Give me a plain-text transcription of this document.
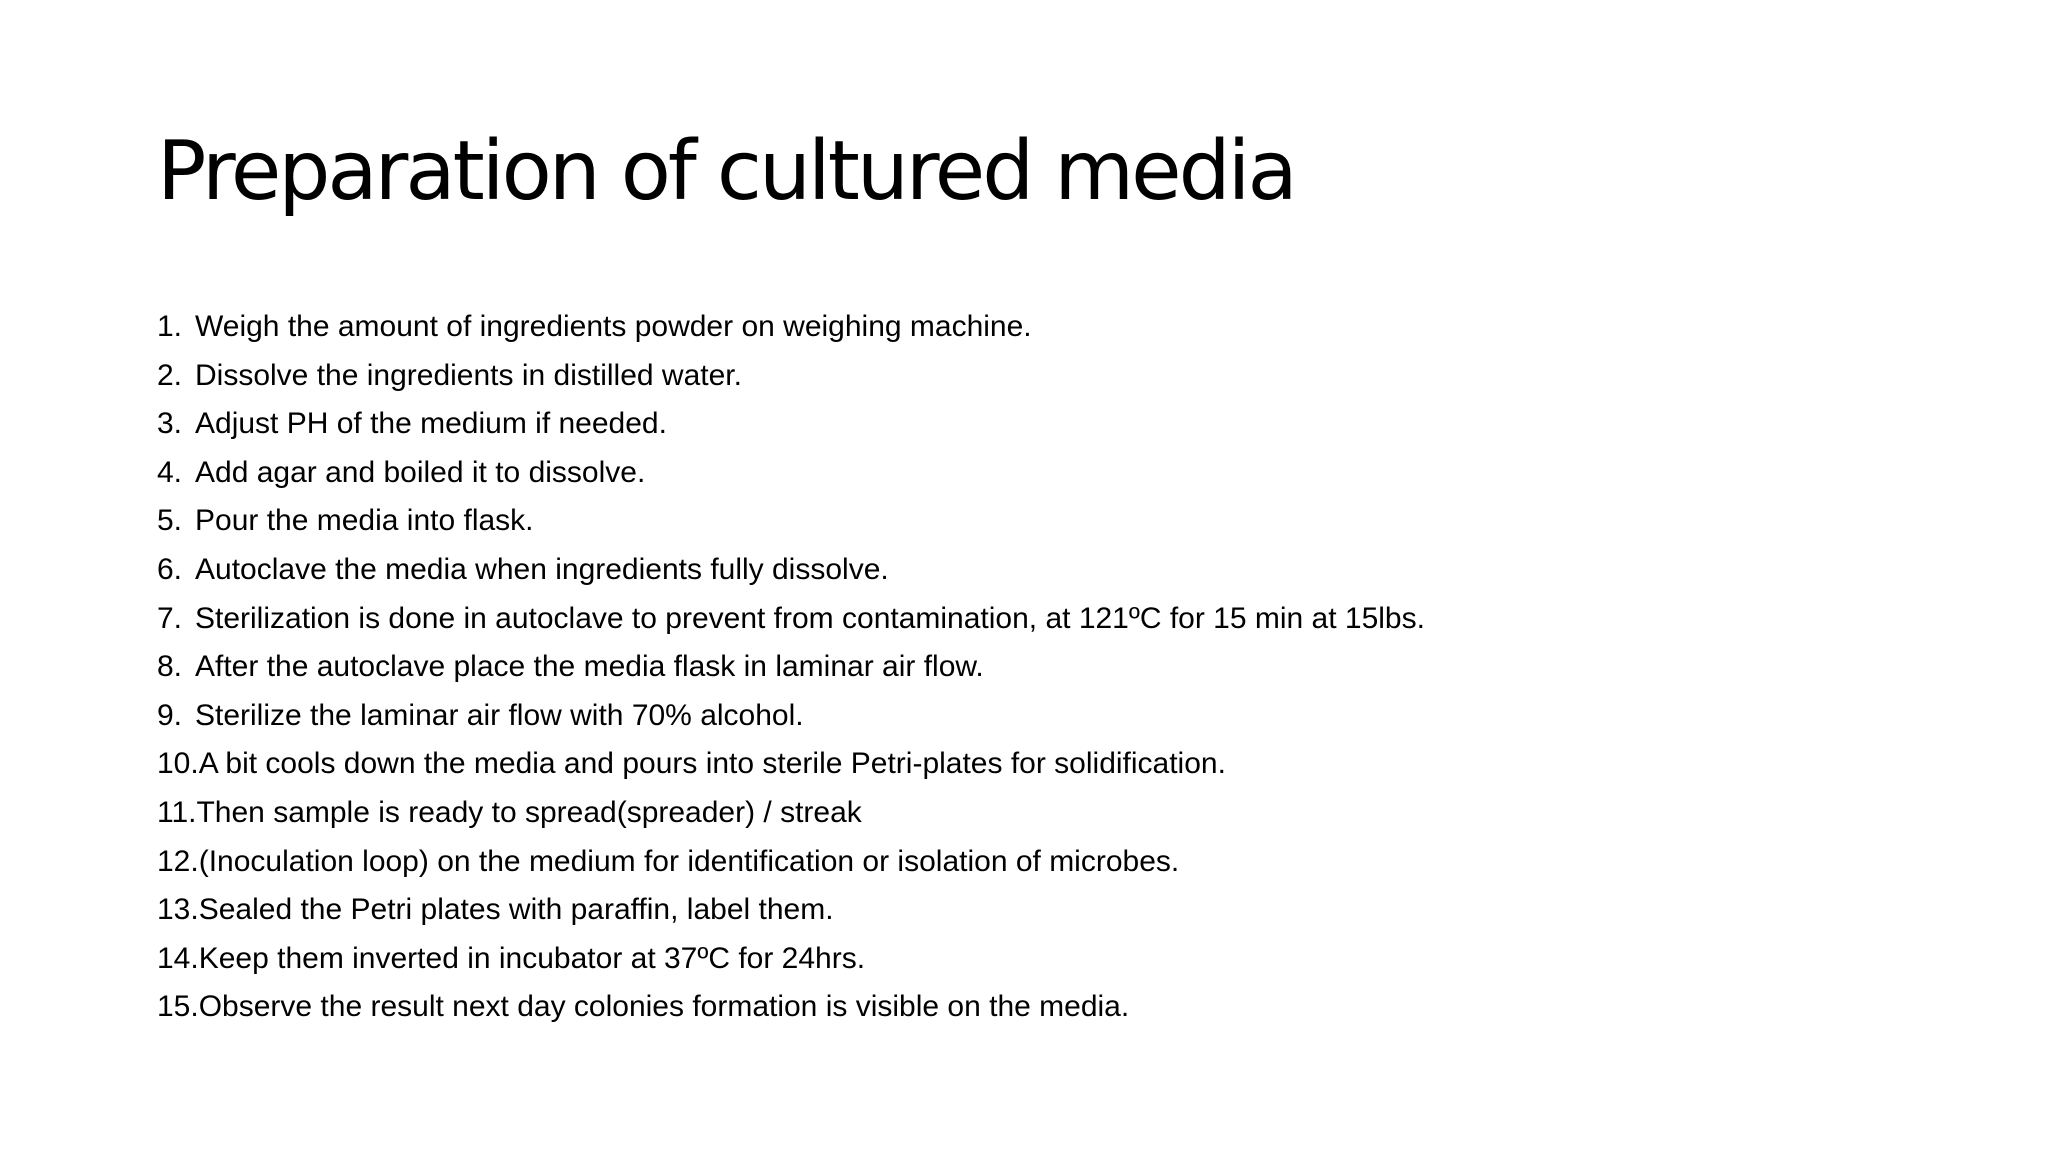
Preparation of cultured media
1. Weigh the amount of ingredients powder on weighing machine.
2. Dissolve the ingredients in distilled water.
3. Adjust PH of the medium if needed.
4. Add agar and boiled it to dissolve.
5. Pour the media into flask.
6. Autoclave the media when ingredients fully dissolve.
7. Sterilization is done in autoclave to prevent from contamination, at 121ºC for 15 min at 15lbs.
8. After the autoclave place the media flask in laminar air flow.
9. Sterilize the laminar air flow with 70% alcohol.
10.A bit cools down the media and pours into sterile Petri-plates for solidification.
11.Then sample is ready to spread(spreader) / streak
12.(Inoculation loop) on the medium for identification or isolation of microbes.
13.Sealed the Petri plates with paraffin, label them.
14.Keep them inverted in incubator at 37ºC for 24hrs.
15.Observe the result next day colonies formation is visible on the media.
